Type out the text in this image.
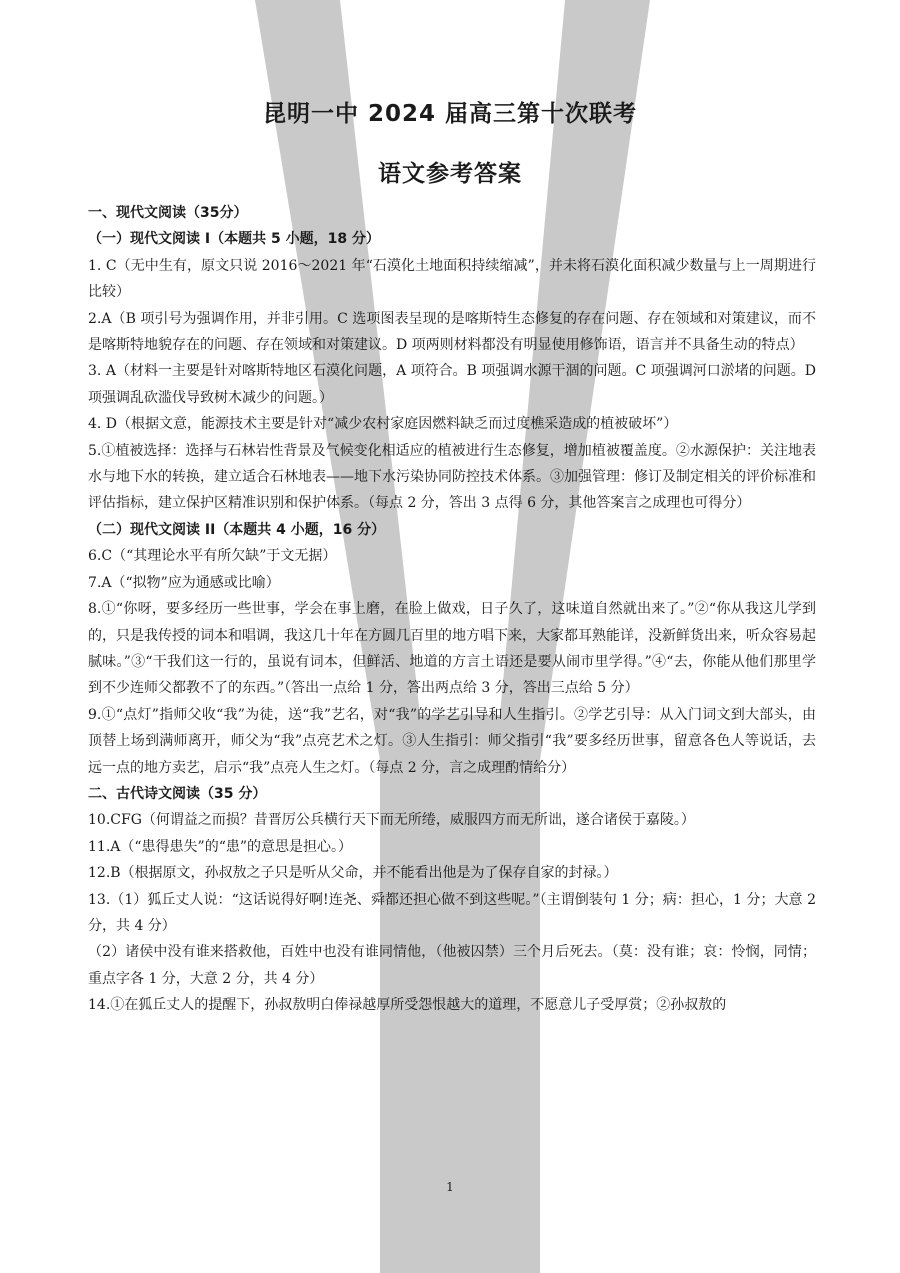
昆明一中 2024 届高三第十次联考
语文参考答案

一、现代文阅读（35分）

（一）现代文阅读 I（本题共 5 小题，18 分）

1. C（无中生有，原文只说 2016～2021 年“石漠化土地面积持续缩减”，并未将石漠化面积减少数量与上一周期进行比较）

2.A（B 项引号为强调作用，并非引用。C 选项图表呈现的是喀斯特生态修复的存在问题、存在领域和对策建议，而不是喀斯特地貌存在的问题、存在领域和对策建议。D 项两则材料都没有明显使用修饰语，语言并不具备生动的特点）

3. A（材料一主要是针对喀斯特地区石漠化问题，A 项符合。B 项强调水源干涸的问题。C 项强调河口淤堵的问题。D 项强调乱砍滥伐导致树木减少的问题。）

4. D（根据文意，能源技术主要是针对“减少农村家庭因燃料缺乏而过度樵采造成的植被破坏”）

5.①植被选择：选择与石林岩性背景及气候变化相适应的植被进行生态修复，增加植被覆盖度。②水源保护：关注地表水与地下水的转换，建立适合石林地表——地下水污染协同防控技术体系。③加强管理：修订及制定相关的评价标准和评估指标，建立保护区精准识别和保护体系。（每点 2 分，答出 3 点得 6 分，其他答案言之成理也可得分）

（二）现代文阅读 II（本题共 4 小题，16 分）

6.C（“其理论水平有所欠缺”于文无据）

7.A（“拟物”应为通感或比喻）

8.①“你呀，要多经历一些世事，学会在事上磨，在脸上做戏，日子久了，这味道自然就出来了。”②“你从我这儿学到的，只是我传授的词本和唱调，我这几十年在方圆几百里的地方唱下来，大家都耳熟能详，没新鲜货出来，听众容易起腻味。”③“干我们这一行的，虽说有词本，但鲜活、地道的方言土语还是要从闹市里学得。”④“去，你能从他们那里学到不少连师父都教不了的东西。”（答出一点给 1 分，答出两点给 3 分，答出三点给 5 分）

9.①“点灯”指师父收“我”为徒，送“我”艺名，对“我”的学艺引导和人生指引。②学艺引导：从入门词文到大部头，由顶替上场到满师离开，师父为“我”点亮艺术之灯。③人生指引：师父指引“我”要多经历世事，留意各色人等说话，去远一点的地方卖艺，启示“我”点亮人生之灯。（每点 2 分，言之成理酌情给分）

二、古代诗文阅读（35 分）

10.CFG（何谓益之而损？昔晋厉公兵横行天下而无所绻，威服四方而无所诎，遂合诸侯于嘉陵。）

11.A（“患得患失”的“患”的意思是担心。）

12.B（根据原文，孙叔敖之子只是听从父命，并不能看出他是为了保存自家的封禄。）

13.（1）狐丘丈人说：“这话说得好啊!连尧、舜都还担心做不到这些呢。”（主谓倒装句 1 分；病：担心，1 分；大意 2 分，共 4 分）

（2）诸侯中没有谁来搭救他，百姓中也没有谁同情他，（他被囚禁）三个月后死去。（莫：没有谁；哀：怜悯，同情；重点字各 1 分，大意 2 分，共 4 分）

14.①在狐丘丈人的提醒下，孙叔敖明白俸禄越厚所受怨恨越大的道理，不愿意儿子受厚赏；②孙叔敖的

1
